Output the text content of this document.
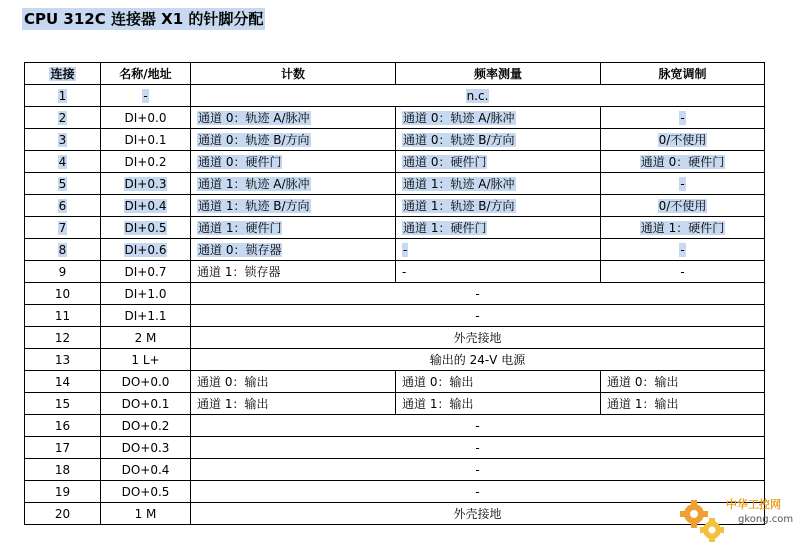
CPU 312C 连接器 X1 的针脚分配
连接	名称/地址	计数	频率测量	脉宽调制
1	-	n.c.		
2	DI+0.0	通道 0：轨迹 A/脉冲	通道 0：轨迹 A/脉冲	-
3	DI+0.1	通道 0：轨迹 B/方向	通道 0：轨迹 B/方向	0/不使用
4	DI+0.2	通道 0：硬件门	通道 0：硬件门	通道 0：硬件门
5	DI+0.3	通道 1：轨迹 A/脉冲	通道 1：轨迹 A/脉冲	-
6	DI+0.4	通道 1：轨迹 B/方向	通道 1：轨迹 B/方向	0/不使用
7	DI+0.5	通道 1：硬件门	通道 1：硬件门	通道 1：硬件门
8	DI+0.6	通道 0：锁存器	-	-
9	DI+0.7	通道 1：锁存器	-	-
10	DI+1.0	-		
11	DI+1.1	-		
12	2 M	外壳接地		
13	1 L+	输出的 24-V 电源		
14	DO+0.0	通道 0：输出	通道 0：输出	通道 0：输出
15	DO+0.1	通道 1：输出	通道 1：输出	通道 1：输出
16	DO+0.2	-		
17	DO+0.3	-		
18	DO+0.4	-		
19	DO+0.5	-		
20	1 M	外壳接地		
中华工控网
gkong.com
